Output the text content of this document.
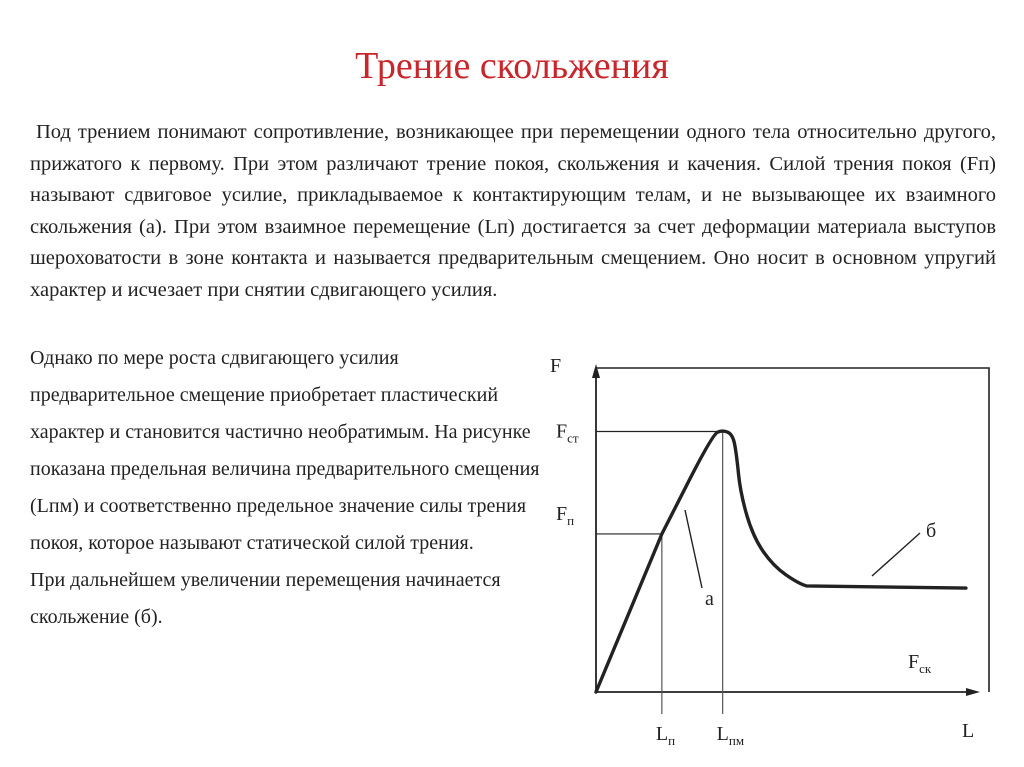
Трение скольжения
Под трением понимают сопротивление, возникающее при перемещении одного тела относительно другого, прижатого к первому. При этом различают трение покоя, скольжения и качения. Силой трения покоя (Fп) называют сдвиговое усилие, прикладываемое к контактирующим телам, и не вызывающее их взаимного скольжения (а). При этом взаимное перемещение (Lп) достигается за счет деформации материала выступов шероховатости в зоне контакта и называется предварительным смещением. Оно носит в основном упругий характер и исчезает при снятии сдвигающего усилия.

Однако по мере роста сдвигающего усилия предварительное смещение приобретает пластический характер и становится частично необратимым. На рисунке показана предельная величина предварительного смещения (Lпм) и соответственно предельное значение силы трения покоя, которое называют статической силой трения.

При дальнейшем увеличении перемещения начинается скольжение (б).

F
L
$F_{ст}$
$F_п$
$L_п$ $L_{пм}$
а
б
$F_{ск}$
